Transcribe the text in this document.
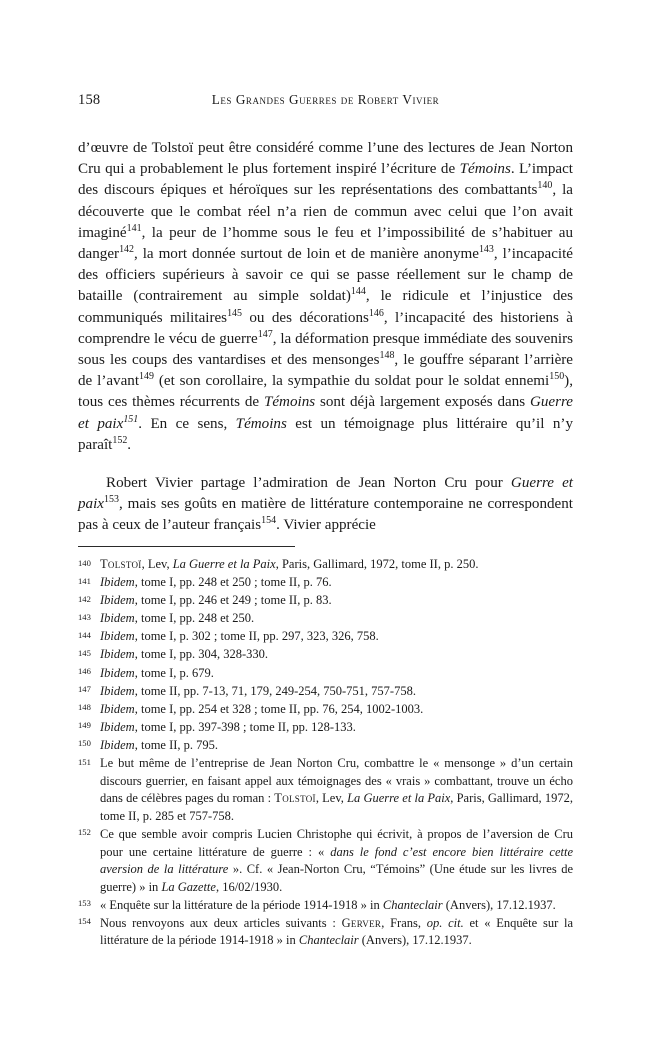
158	Les Grandes Guerres de Robert Vivier

d’œuvre de Tolstoï peut être considéré comme l’une des lectures de Jean Norton Cru qui a probablement le plus fortement inspiré l’écriture de Témoins. L’impact des discours épiques et héroïques sur les représentations des combattants$^{140}$, la découverte que le combat réel n’a rien de commun avec celui que l’on avait imaginé$^{141}$, la peur de l’homme sous le feu et l’impossibilité de s’habituer au danger$^{142}$, la mort donnée surtout de loin et de manière anonyme$^{143}$, l’incapacité des officiers supérieurs à savoir ce qui se passe réellement sur le champ de bataille (contrairement au simple soldat)$^{144}$, le ridicule et l’injustice des communiqués militaires$^{145}$ ou des décorations$^{146}$, l’incapacité des historiens à comprendre le vécu de guerre$^{147}$, la déformation presque immédiate des souvenirs sous les coups des vantardises et des mensonges$^{148}$, le gouffre séparant l’arrière de l’avant$^{149}$ (et son corollaire, la sympathie du soldat pour le soldat ennemi$^{150}$), tous ces thèmes récurrents de Témoins sont déjà largement exposés dans Guerre et paix$^{151}$. En ce sens, Témoins est un témoignage plus littéraire qu’il n’y paraît$^{152}$.

Robert Vivier partage l’admiration de Jean Norton Cru pour Guerre et paix$^{153}$, mais ses goûts en matière de littérature contemporaine ne correspondent pas à ceux de l’auteur français$^{154}$. Vivier apprécie

140 Tolstoï, Lev, La Guerre et la Paix, Paris, Gallimard, 1972, tome II, p. 250.

141 Ibidem, tome I, pp. 248 et 250 ; tome II, p. 76.

142 Ibidem, tome I, pp. 246 et 249 ; tome II, p. 83.

143 Ibidem, tome I, pp. 248 et 250.

144 Ibidem, tome I, p. 302 ; tome II, pp. 297, 323, 326, 758.

145 Ibidem, tome I, pp. 304, 328-330.

146 Ibidem, tome I, p. 679.

147 Ibidem, tome II, pp. 7-13, 71, 179, 249-254, 750-751, 757-758.

148 Ibidem, tome I, pp. 254 et 328 ; tome II, pp. 76, 254, 1002-1003.

149 Ibidem, tome I, pp. 397-398 ; tome II, pp. 128-133.

150 Ibidem, tome II, p. 795.

151 Le but même de l’entreprise de Jean Norton Cru, combattre le « mensonge » d’un certain discours guerrier, en faisant appel aux témoignages des « vrais » combattant, trouve un écho dans de célèbres pages du roman : Tolstoï, Lev, La Guerre et la Paix, Paris, Gallimard, 1972, tome II, p. 285 et 757-758.

152 Ce que semble avoir compris Lucien Christophe qui écrivit, à propos de l’aversion de Cru pour une certaine littérature de guerre : « dans le fond c’est encore bien littéraire cette aversion de la littérature ». Cf. « Jean-Norton Cru, “Témoins” (Une étude sur les livres de guerre) » in La Gazette, 16/02/1930.

153 « Enquête sur la littérature de la période 1914-1918 » in Chanteclair (Anvers), 17.12.1937.

154 Nous renvoyons aux deux articles suivants : Gerver, Frans, op. cit. et « Enquête sur la littérature de la période 1914-1918 » in Chanteclair (Anvers), 17.12.1937.
